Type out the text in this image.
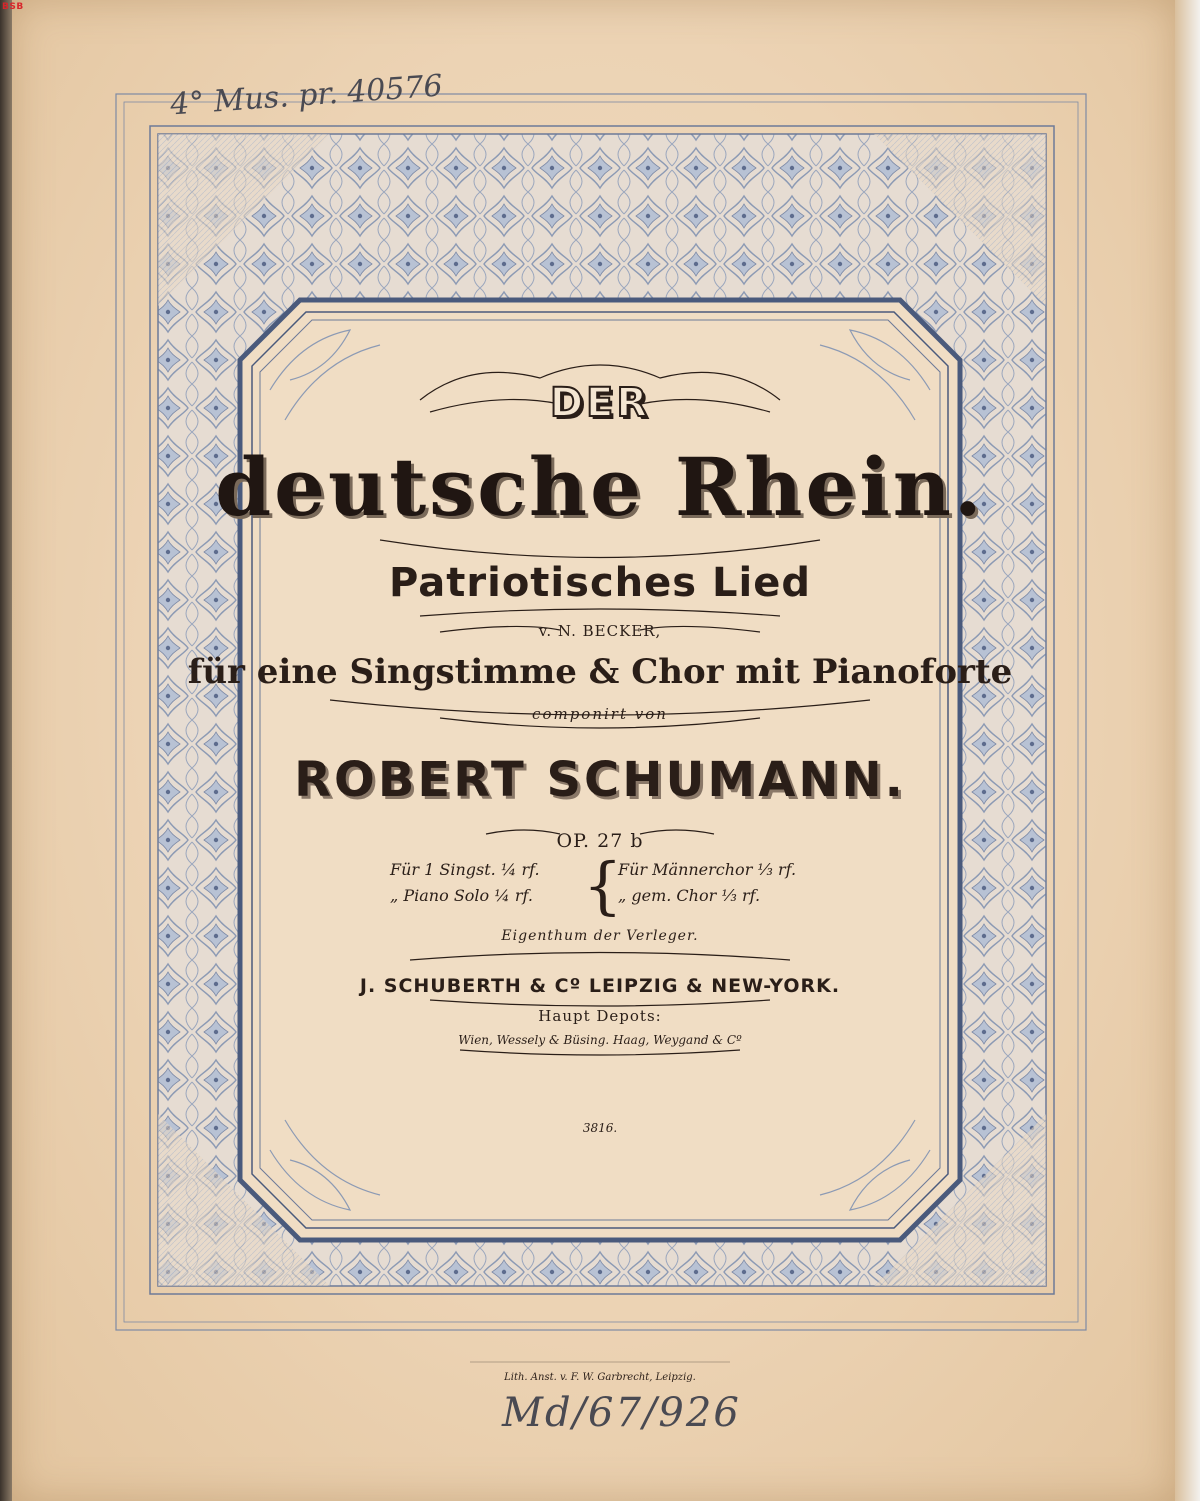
BSB
4° Mus. pr. 40576
DER
deutsche Rhein.
Patriotisches Lied
v. N. BECKER,
für eine Singstimme & Chor mit Pianoforte
componirt von
ROBERT SCHUMANN.
OP. 27 b
Für 1 Singst. ¼ rf.
„ Piano Solo ¼ rf. {
Für Männerchor ⅓ rf.
„ gem. Chor ⅓ rf.
Eigenthum der Verleger.
J. SCHUBERTH & Cº LEIPZIG & NEW-YORK.
Haupt Depots:
Wien, Wessely & Büsing. Haag, Weygand & Cº
3816.
Lith. Anst. v. F. W. Garbrecht, Leipzig.
Md/67/926
